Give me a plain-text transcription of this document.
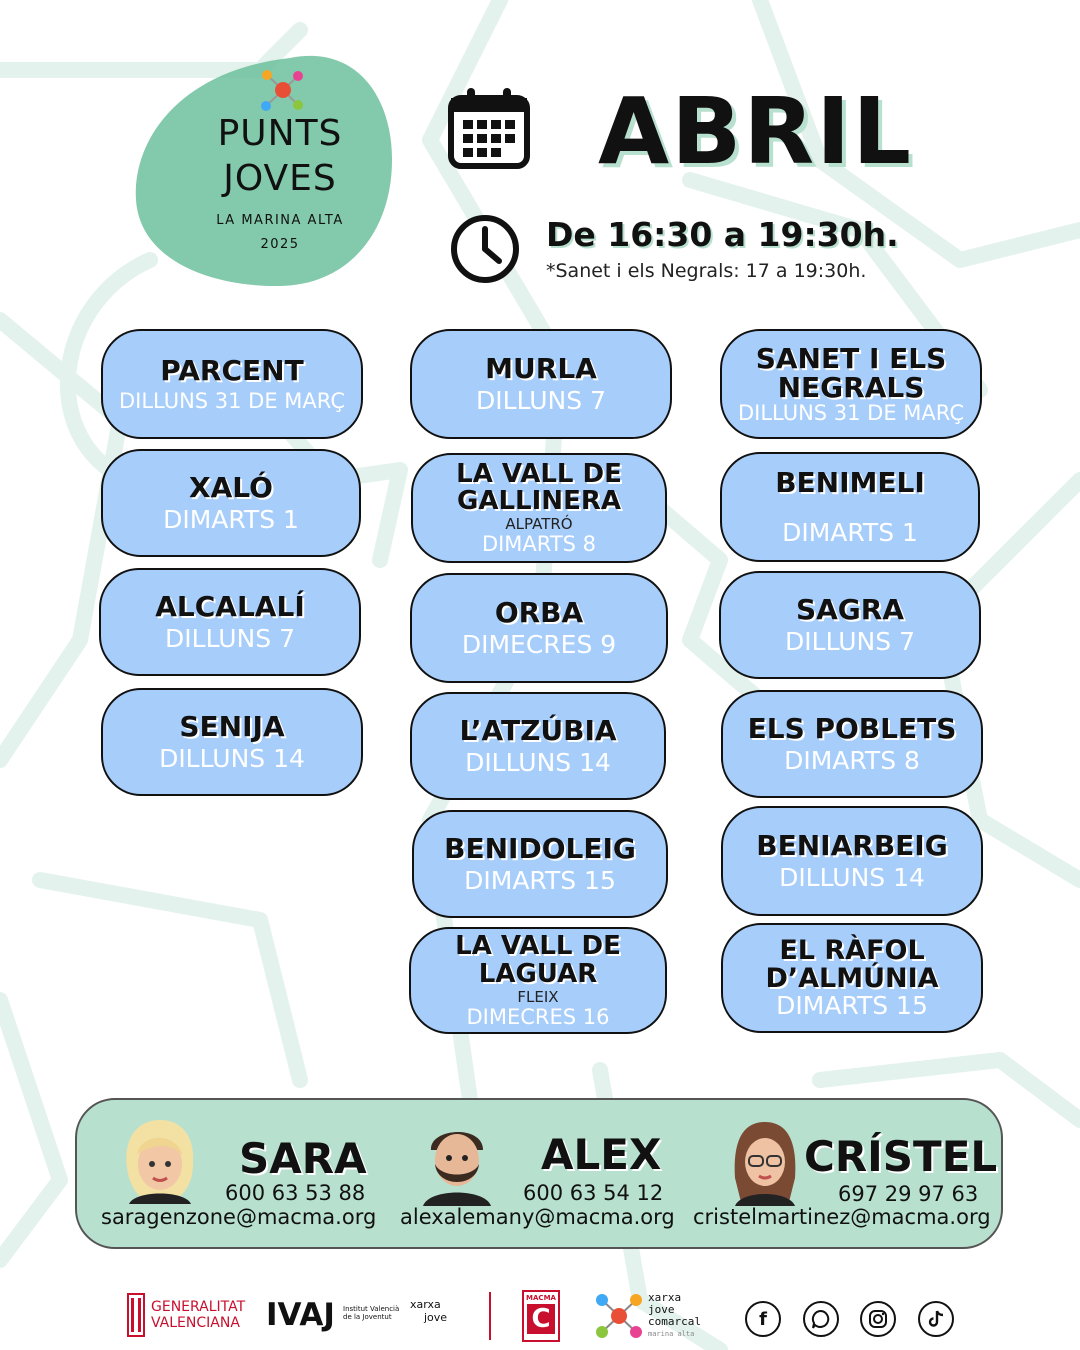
PUNTS
JOVES
LA MARINA ALTA
2025
ABRIL
De 16:30 a 19:30h.
*Sanet i els Negrals: 17 a 19:30h.
PARCENT
DILLUNS 31 DE MARÇ
XALÓ
DIMARTS 1
ALCALALÍ
DILLUNS 7
SENIJA
DILLUNS 14
MURLA
DILLUNS 7
LA VALL DE GALLINERA
ALPATRÓ
DIMARTS 8
ORBA
DIMECRES 9
L’ATZÚBIA
DILLUNS 14
BENIDOLEIG
DIMARTS 15
LA VALL DE LAGUAR
FLEIX
DIMECRES 16
SANET I ELS NEGRALS
DILLUNS 31 DE MARÇ
BENIMELI
DIMARTS 1
SAGRA
DILLUNS 7
ELS POBLETS
DIMARTS 8
BENIARBEIG
DILLUNS 14
EL RÀFOL D’ALMÚNIA
DIMARTS 15
SARA
600 63 53 88
saragenzone@macma.org
ALEX
600 63 54 12
alexalemany@macma.org
CRÍSTEL
697 29 97 63
cristelmartinez@macma.org
GENERALITAT
VALENCIANA IVAJ Institut Valencià
de la Joventut
xarxa
jove
MACMA
C
xarxa
jove
comarcal
marina alta
f
